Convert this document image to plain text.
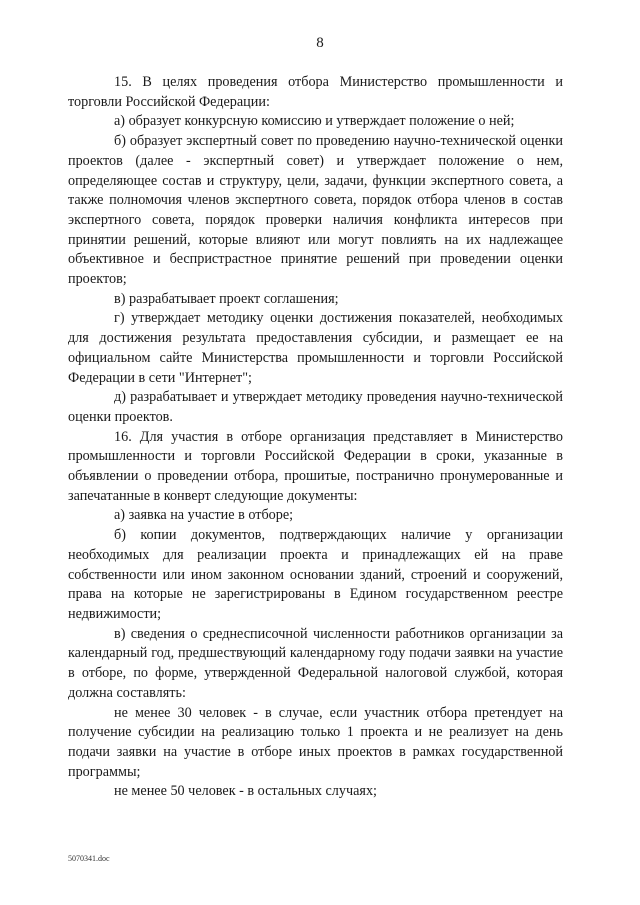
8

15. В целях проведения отбора Министерство промышленности и торговли Российской Федерации:

а) образует конкурсную комиссию и утверждает положение о ней;

б) образует экспертный совет по проведению научно-технической оценки проектов (далее - экспертный совет) и утверждает положение о нем, определяющее состав и структуру, цели, задачи, функции экспертного совета, а также полномочия членов экспертного совета, порядок отбора членов в состав экспертного совета, порядок проверки наличия конфликта интересов при принятии решений, которые влияют или могут повлиять на их надлежащее объективное и беспристрастное принятие решений при проведении оценки проектов;

в) разрабатывает проект соглашения;

г) утверждает методику оценки достижения показателей, необходимых для достижения результата предоставления субсидии, и размещает ее на официальном сайте Министерства промышленности и торговли Российской Федерации в сети "Интернет";

д) разрабатывает и утверждает методику проведения научно-технической оценки проектов.

16. Для участия в отборе организация представляет в Министерство промышленности и торговли Российской Федерации в сроки, указанные в объявлении о проведении отбора, прошитые, постранично пронумерованные и запечатанные в конверт следующие документы:

а) заявка на участие в отборе;

б) копии документов, подтверждающих наличие у организации необходимых для реализации проекта и принадлежащих ей на праве собственности или ином законном основании зданий, строений и сооружений, права на которые не зарегистрированы в Едином государственном реестре недвижимости;

в) сведения о среднесписочной численности работников организации за календарный год, предшествующий календарному году подачи заявки на участие в отборе, по форме, утвержденной Федеральной налоговой службой, которая должна составлять:

не менее 30 человек - в случае, если участник отбора претендует на получение субсидии на реализацию только 1 проекта и не реализует на день подачи заявки на участие в отборе иных проектов в рамках государственной программы;

не менее 50 человек - в остальных случаях;

5070341.doc
